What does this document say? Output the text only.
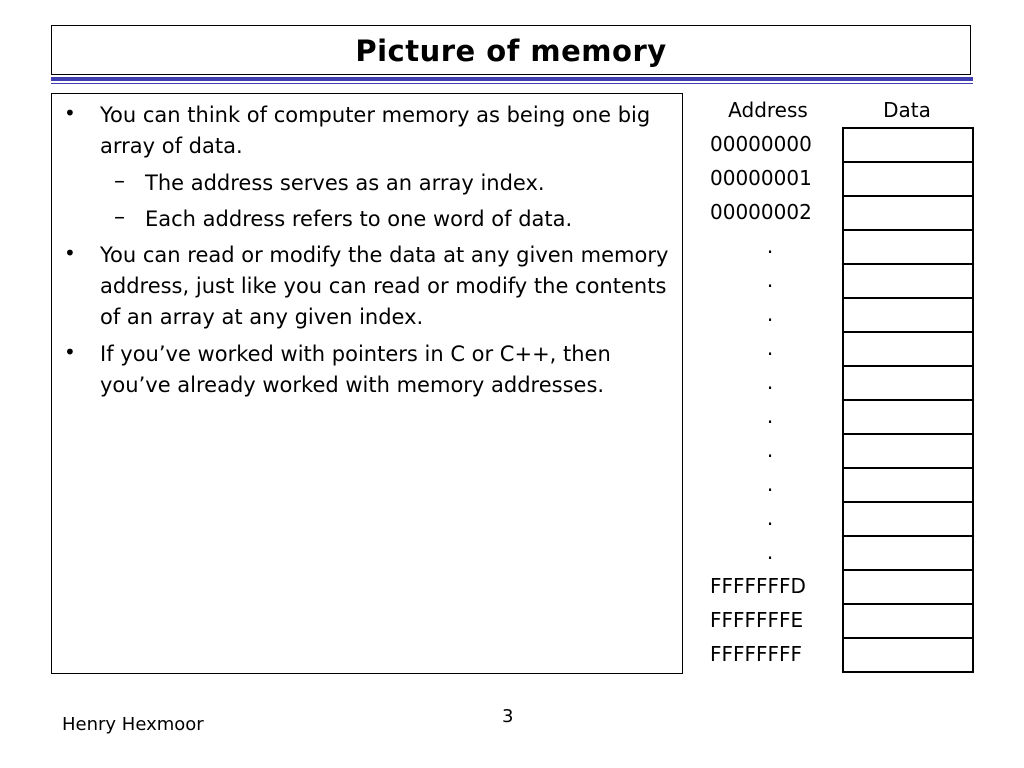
Picture of memory
• You can think of computer memory as being one big array of data.
– The address serves as an array index.
– Each address refers to one word of data.
• You can read or modify the data at any given memory address, just like you can read or modify the contents of an array at any given index.
• If you’ve worked with pointers in C or C++, then you’ve already worked with memory addresses.
Address	Data
00000000
00000001
00000002
.
.
.
.
.
.
.
.
.
.
FFFFFFFD
FFFFFFFE
FFFFFFFF
Henry Hexmoor	3
